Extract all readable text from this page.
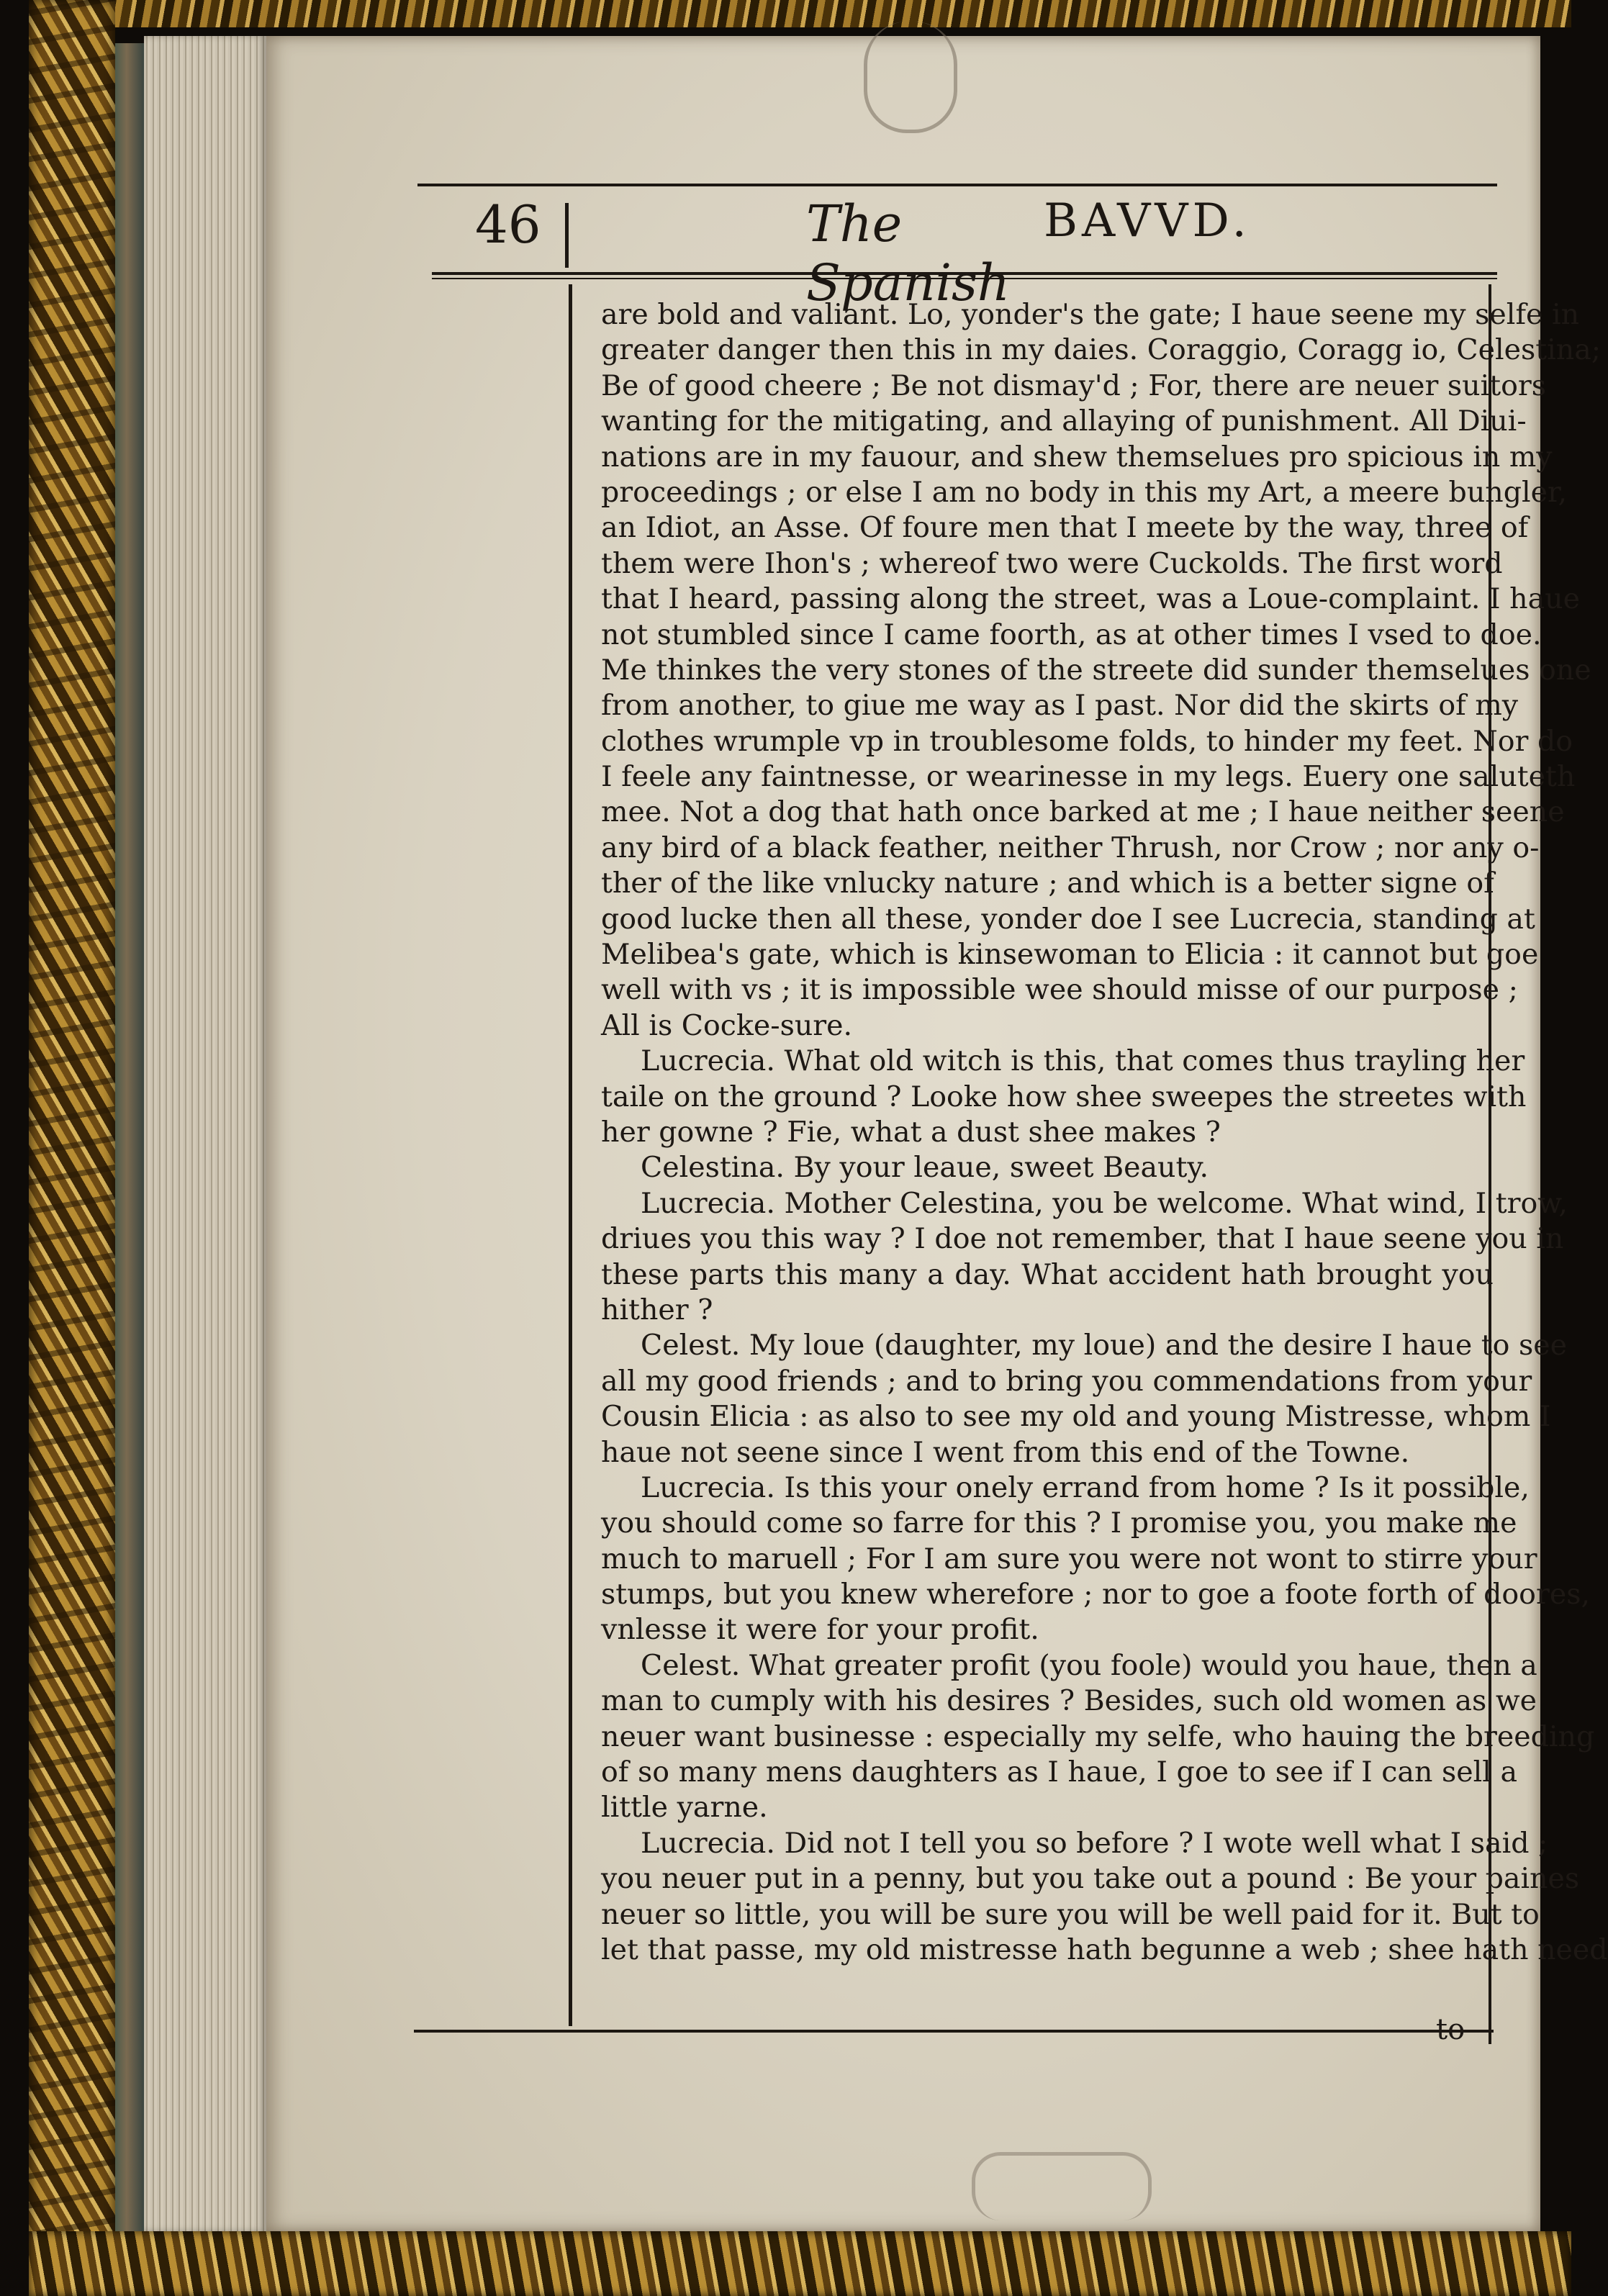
46	The Spanish
BAVVD.
are bold and valiant. Lo, yonder's the gate; I haue seene my selfe in
greater danger then this in my daies. Coraggio, Coragg io, Celestina;
Be of good cheere ; Be not dismay'd ; For, there are neuer suitors
wanting for the mitigating, and allaying of punishment. All Diui-
nations are in my fauour, and shew themselues pro spicious in my
proceedings ; or else I am no body in this my Art, a meere bungler,
an Idiot, an Asse. Of foure men that I meete by the way, three of
them were Ihon's ; whereof two were Cuckolds. The first word
that I heard, passing along the street, was a Loue-complaint. I haue
not stumbled since I came foorth, as at other times I vsed to doe.
Me thinkes the very stones of the streete did sunder themselues one
from another, to giue me way as I past. Nor did the skirts of my
clothes wrumple vp in troublesome folds, to hinder my feet. Nor do
I feele any faintnesse, or wearinesse in my legs. Euery one saluteth
mee. Not a dog that hath once barked at me ; I haue neither seene
any bird of a black feather, neither Thrush, nor Crow ; nor any o-
ther of the like vnlucky nature ; and which is a better signe of
good lucke then all these, yonder doe I see Lucrecia, standing at
Melibea's gate, which is kinsewoman to Elicia : it cannot but goe
well with vs ; it is impossible wee should misse of our purpose ;
All is Cocke-sure.
Lucrecia. What old witch is this, that comes thus trayling her
taile on the ground ? Looke how shee sweepes the streetes with
her gowne ? Fie, what a dust shee makes ?
Celestina. By your leaue, sweet Beauty.
Lucrecia. Mother Celestina, you be welcome. What wind, I trow,
driues you this way ? I doe not remember, that I haue seene you in
these parts this many a day. What accident hath brought you
hither ?
Celest. My loue (daughter, my loue) and the desire I haue to see
all my good friends ; and to bring you commendations from your
Cousin Elicia : as also to see my old and young Mistresse, whom I
haue not seene since I went from this end of the Towne.
Lucrecia. Is this your onely errand from home ? Is it possible,
you should come so farre for this ? I promise you, you make me
much to maruell ; For I am sure you were not wont to stirre your
stumps, but you knew wherefore ; nor to goe a foote forth of doores,
vnlesse it were for your profit.
Celest. What greater profit (you foole) would you haue, then a
man to cumply with his desires ? Besides, such old women as we
neuer want businesse : especially my selfe, who hauing the breeding
of so many mens daughters as I haue, I goe to see if I can sell a
little yarne.
Lucrecia. Did not I tell you so before ? I wote well what I said ;
you neuer put in a penny, but you take out a pound : Be your paines
neuer so little, you will be sure you will be well paid for it. But to
let that passe, my old mistresse hath begunne a web ; shee hath need
to
